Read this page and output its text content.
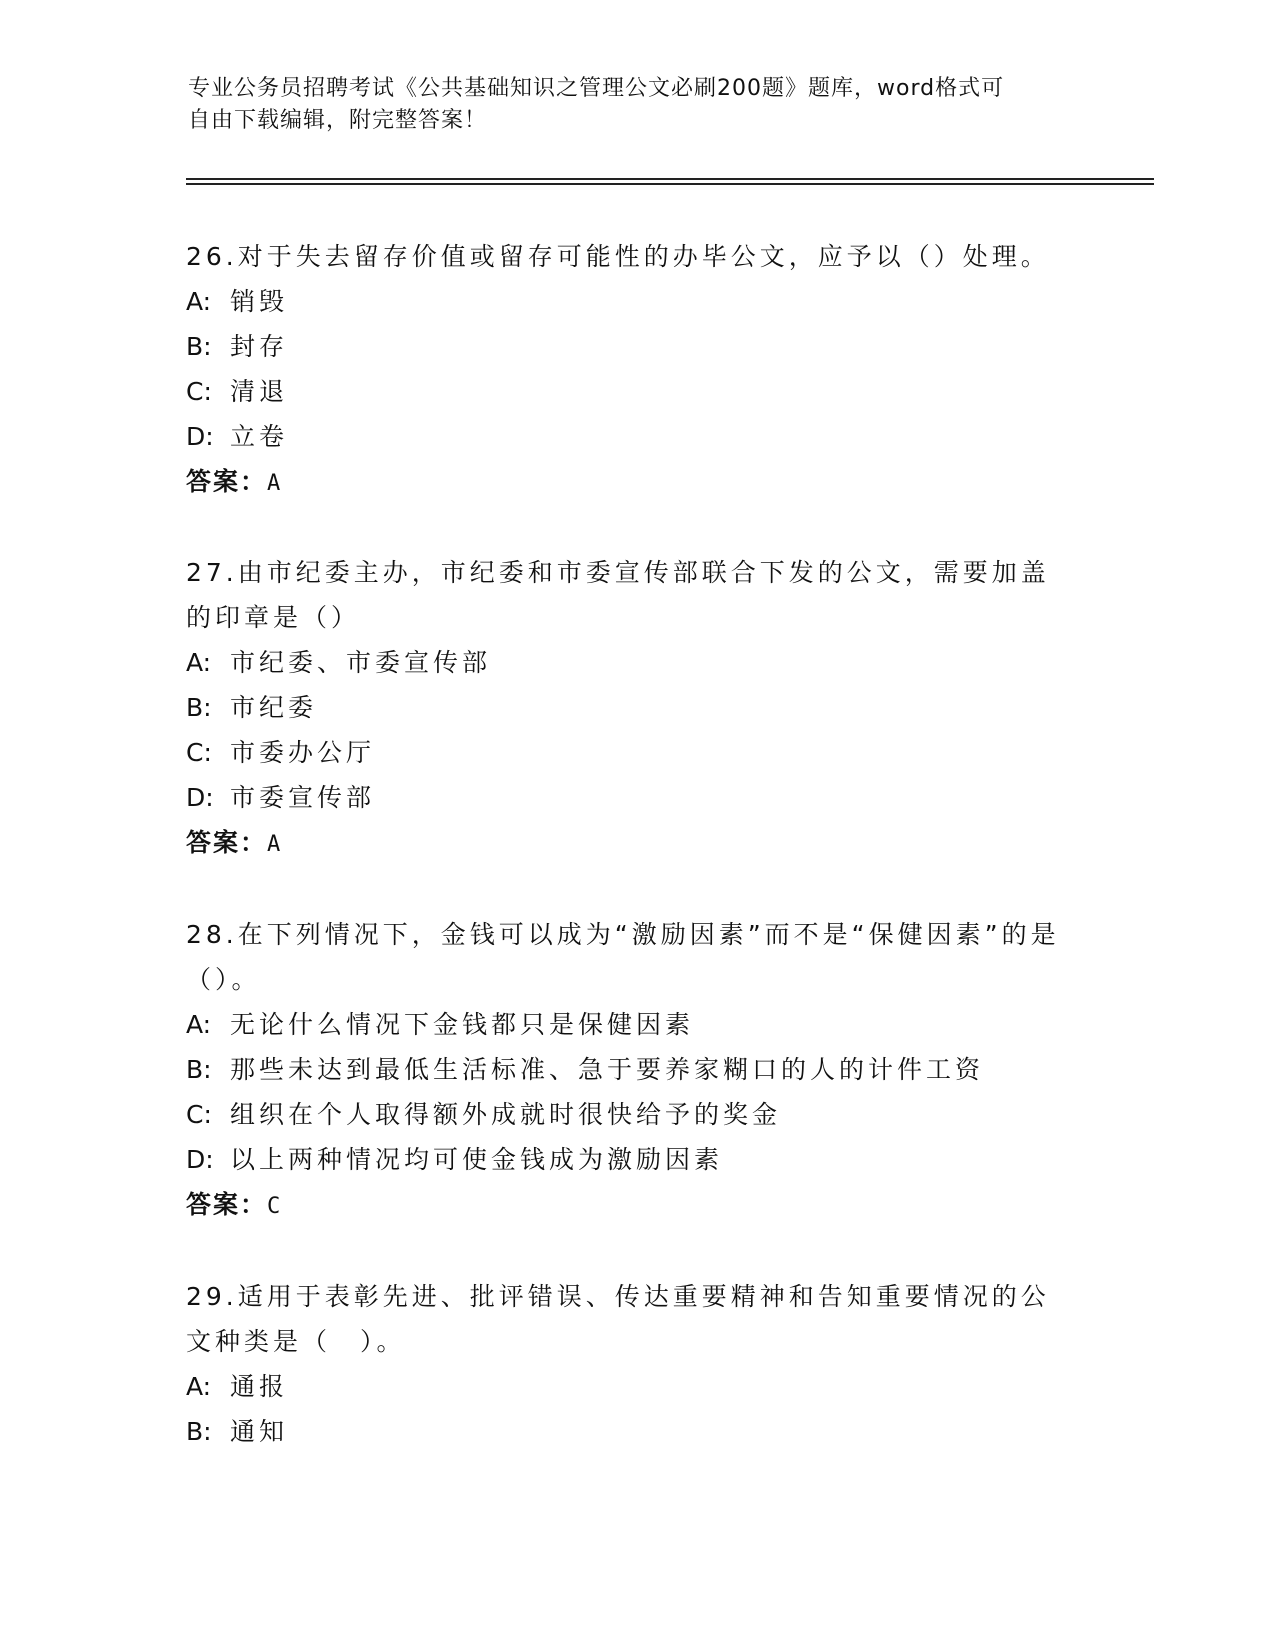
专业公务员招聘考试《公共基础知识之管理公文必刷200题》题库，word格式可
自由下载编辑，附完整答案！

26.对于失去留存价值或留存可能性的办毕公文，应予以（）处理。

A: 销毁

B: 封存

C: 清退

D: 立卷

答案：A

27.由市纪委主办，市纪委和市委宣传部联合下发的公文，需要加盖的印章是（）

A: 市纪委、市委宣传部

B: 市纪委

C: 市委办公厅

D: 市委宣传部

答案：A

28.在下列情况下，金钱可以成为“激励因素”而不是“保健因素”的是（）。

A: 无论什么情况下金钱都只是保健因素

B: 那些未达到最低生活标准、急于要养家糊口的人的计件工资

C: 组织在个人取得额外成就时很快给予的奖金

D: 以上两种情况均可使金钱成为激励因素

答案：C

29.适用于表彰先进、批评错误、传达重要精神和告知重要情况的公文种类是（　）。

A: 通报

B: 通知
